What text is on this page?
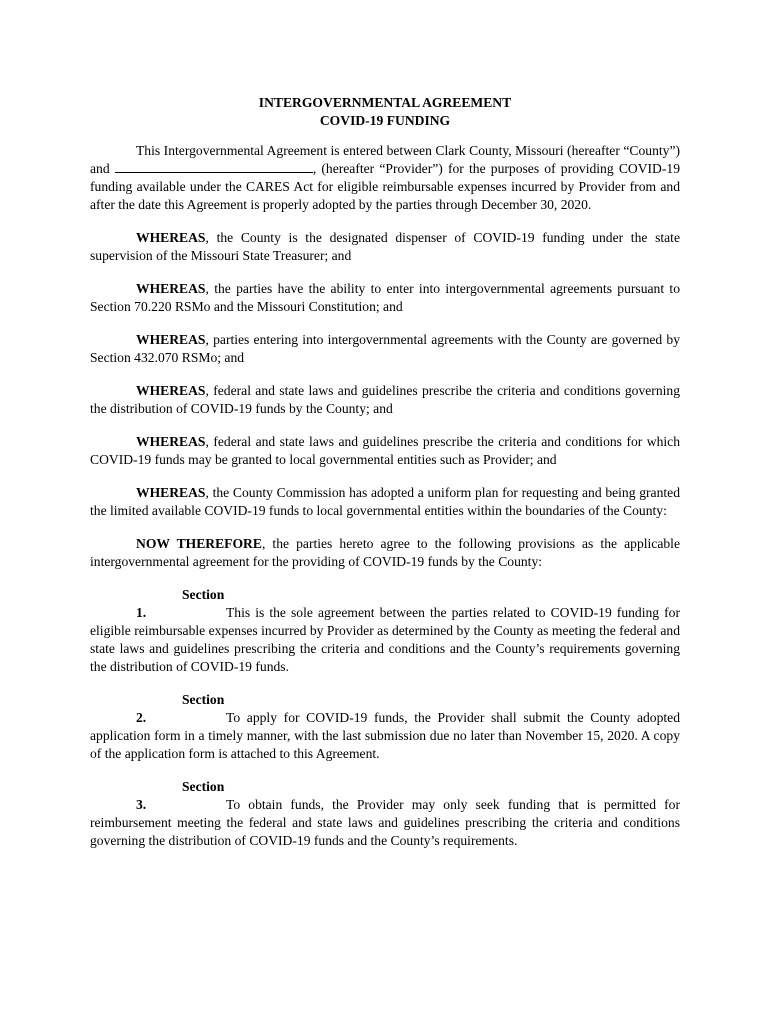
INTERGOVERNMENTAL AGREEMENT
COVID-19 FUNDING

This Intergovernmental Agreement is entered between Clark County, Missouri (hereafter “County”) and	, (hereafter “Provider”) for the purposes of providing COVID-19 funding available under the CARES Act for eligible reimbursable expenses incurred by Provider from and after the date this Agreement is properly adopted by the parties through December 30, 2020.

WHEREAS, the County is the designated dispenser of COVID-19 funding under the state supervision of the Missouri State Treasurer; and

WHEREAS, the parties have the ability to enter into intergovernmental agreements pursuant to Section 70.220 RSMo and the Missouri Constitution; and

WHEREAS, parties entering into intergovernmental agreements with the County are governed by Section 432.070 RSMo; and

WHEREAS, federal and state laws and guidelines prescribe the criteria and conditions governing the distribution of COVID-19 funds by the County; and

WHEREAS, federal and state laws and guidelines prescribe the criteria and conditions for which COVID-19 funds may be granted to local governmental entities such as Provider; and

WHEREAS, the County Commission has adopted a uniform plan for requesting and being granted the limited available COVID-19 funds to local governmental entities within the boundaries of the County:

NOW THEREFORE, the parties hereto agree to the following provisions as the applicable intergovernmental agreement for the providing of COVID-19 funds by the County:

Section 1.	This is the sole agreement between the parties related to COVID-19 funding for eligible reimbursable expenses incurred by Provider as determined by the County as meeting the federal and state laws and guidelines prescribing the criteria and conditions and the County’s requirements governing the distribution of COVID-19 funds.

Section 2.	To apply for COVID-19 funds, the Provider shall submit the County adopted application form in a timely manner, with the last submission due no later than November 15, 2020. A copy of the application form is attached to this Agreement.

Section 3.	To obtain funds, the Provider may only seek funding that is permitted for reimbursement meeting the federal and state laws and guidelines prescribing the criteria and conditions governing the distribution of COVID-19 funds and the County’s requirements.
